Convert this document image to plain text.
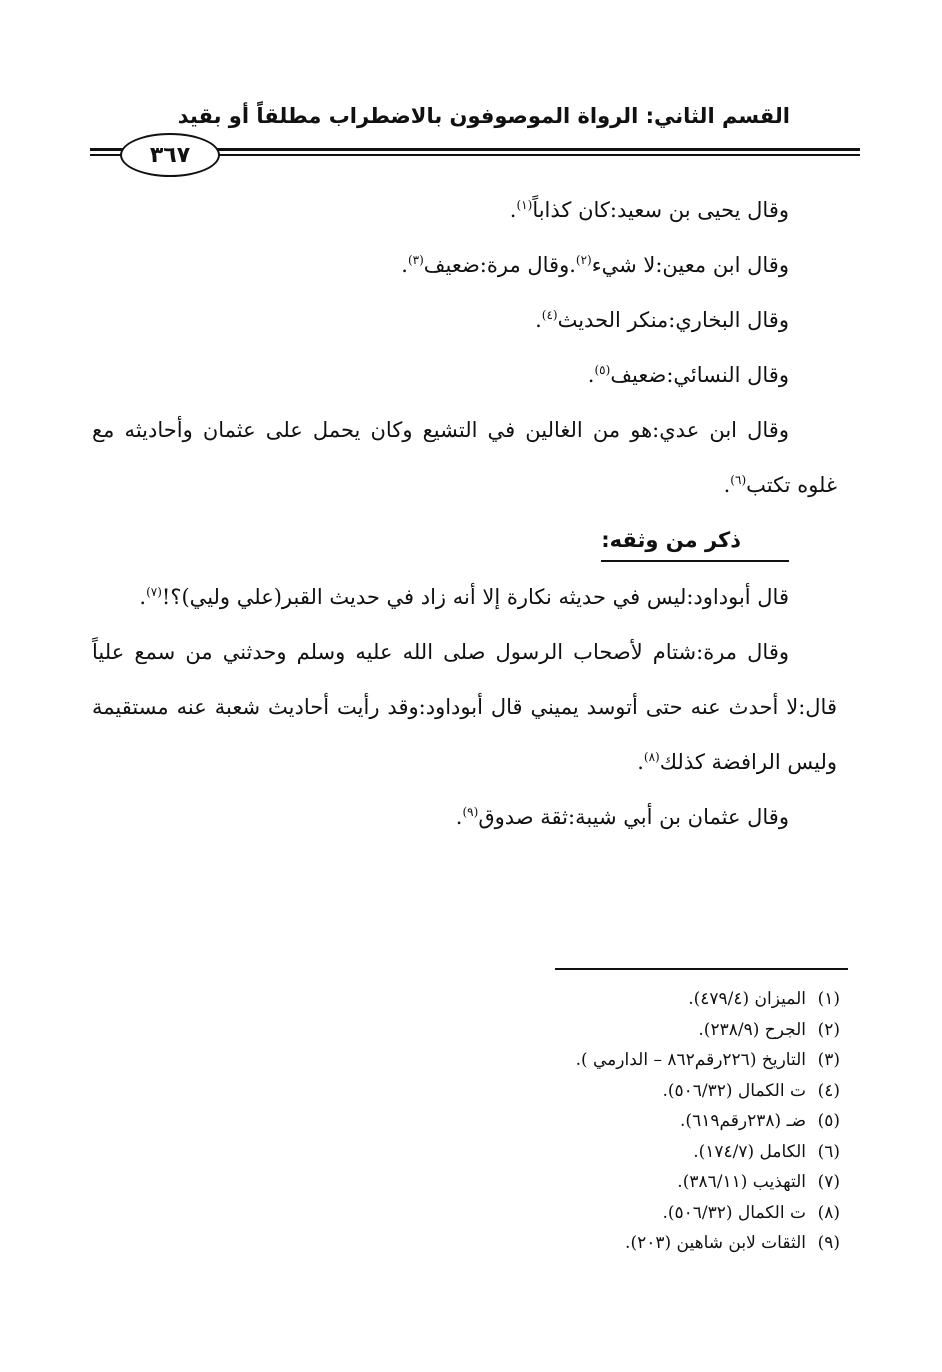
القسم الثاني: الرواة الموصوفون بالاضطراب مطلقاً أو بقيد
٣٦٧

وقال يحيى بن سعيد:كان كذاباً$^{(١)}$.

وقال ابن معين:لا شيء$^{(٢)}$.وقال مرة:ضعيف$^{(٣)}$.

وقال البخاري:منكر الحديث$^{(٤)}$.

وقال النسائي:ضعيف$^{(٥)}$.

وقال ابن عدي:هو من الغالين في التشيع وكان يحمل على عثمان وأحاديثه مع غلوه تكتب$^{(٦)}$.

ذكر من وثقه:

قال أبوداود:ليس في حديثه نكارة إلا أنه زاد في حديث القبر(علي وليي)؟!$^{(٧)}$.

وقال مرة:شتام لأصحاب الرسول صلى الله عليه وسلم وحدثني من سمع علياً قال:لا أحدث عنه حتى أتوسد يميني قال أبوداود:وقد رأيت أحاديث شعبة عنه مستقيمة وليس الرافضة كذلك$^{(٨)}$.

وقال عثمان بن أبي شيبة:ثقة صدوق$^{(٩)}$.

(١)الميزان (٤٧٩/٤).
(٢)الجرح (٢٣٨/٩).
(٣)التاريخ (٢٢٦رقم٨٦٢ – الدارمي ).
(٤)ت الكمال (٥٠٦/٣٢).
(٥)ضـ (٢٣٨رقم٦١٩).
(٦)الكامل (١٧٤/٧).
(٧)التهذيب (٣٨٦/١١).
(٨)ت الكمال (٥٠٦/٣٢).
(٩)الثقات لابن شاهين (٢٠٣).
